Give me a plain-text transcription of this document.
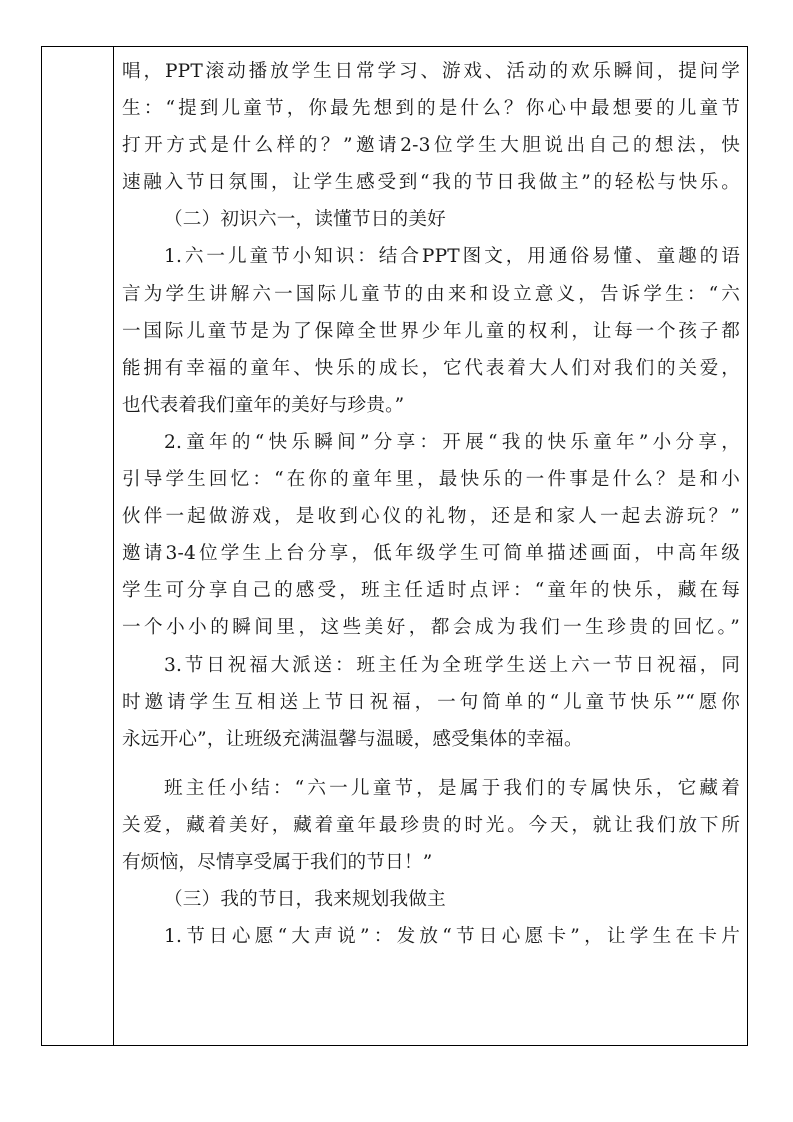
唱，PPT滚动播放学生日常学习、游戏、活动的欢乐瞬间，提问学
生：“提到儿童节，你最先想到的是什么？你心中最想要的儿童节
打开方式是什么样的？”邀请2-3位学生大胆说出自己的想法，快
速融入节日氛围，让学生感受到“我的节日我做主”的轻松与快乐。
（二）初识六一，读懂节日的美好
1.六一儿童节小知识：结合PPT图文，用通俗易懂、童趣的语
言为学生讲解六一国际儿童节的由来和设立意义，告诉学生：“六
一国际儿童节是为了保障全世界少年儿童的权利，让每一个孩子都
能拥有幸福的童年、快乐的成长，它代表着大人们对我们的关爱，
也代表着我们童年的美好与珍贵。”
2.童年的“快乐瞬间”分享：开展“我的快乐童年”小分享，
引导学生回忆：“在你的童年里，最快乐的一件事是什么？是和小
伙伴一起做游戏，是收到心仪的礼物，还是和家人一起去游玩？”
邀请3-4位学生上台分享，低年级学生可简单描述画面，中高年级
学生可分享自己的感受，班主任适时点评：“童年的快乐，藏在每
一个小小的瞬间里，这些美好，都会成为我们一生珍贵的回忆。”
3.节日祝福大派送：班主任为全班学生送上六一节日祝福，同
时邀请学生互相送上节日祝福，一句简单的“儿童节快乐”“愿你
永远开心”，让班级充满温馨与温暖，感受集体的幸福。
班主任小结：“六一儿童节，是属于我们的专属快乐，它藏着
关爱，藏着美好，藏着童年最珍贵的时光。今天，就让我们放下所
有烦恼，尽情享受属于我们的节日！”
（三）我的节日，我来规划我做主
1.节日心愿“大声说”：发放“节日心愿卡”，让学生在卡片
